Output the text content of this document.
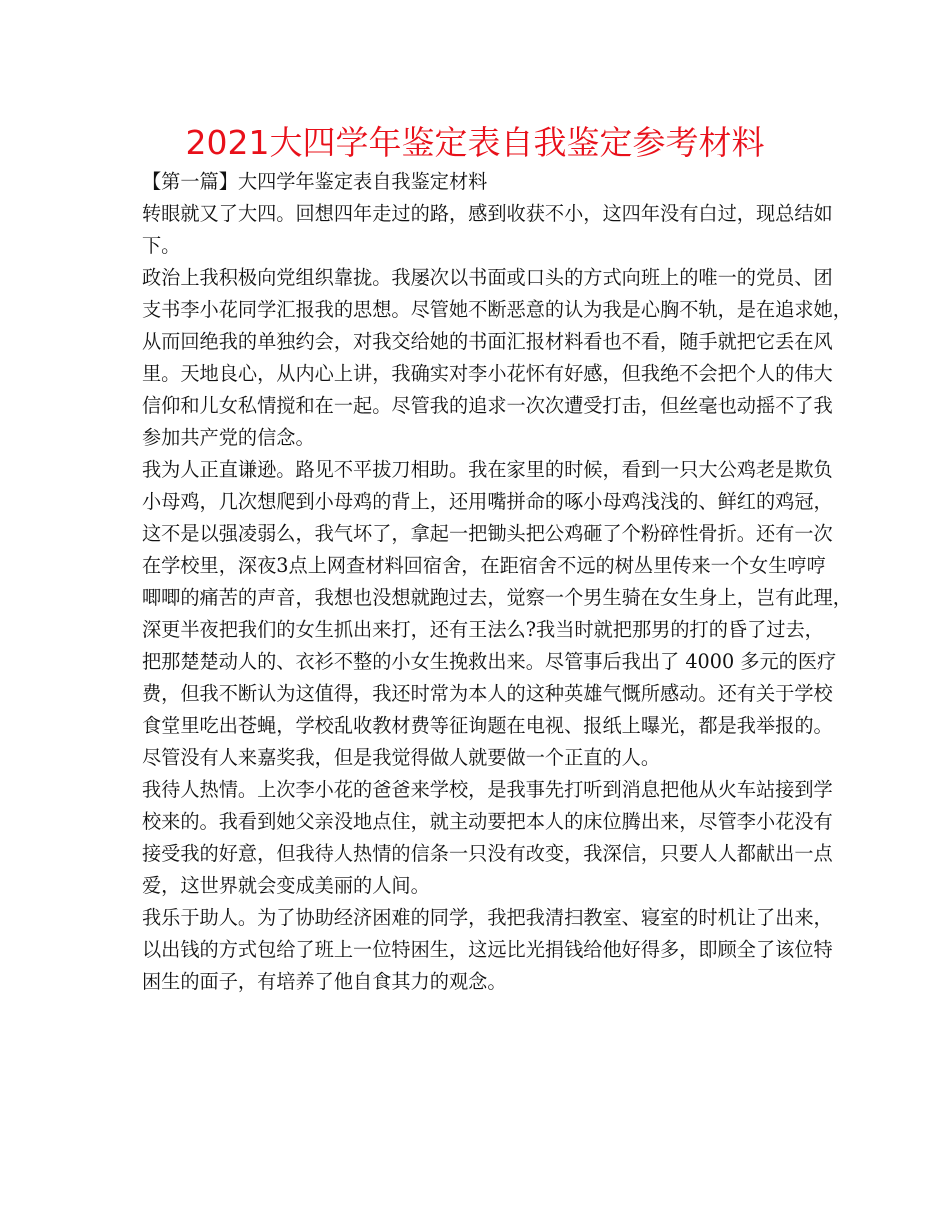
2021大四学年鉴定表自我鉴定参考材料
【第一篇】大四学年鉴定表自我鉴定材料
转眼就又了大四。回想四年走过的路，感到收获不小，这四年没有白过，现总结如
下。
政治上我积极向党组织靠拢。我屡次以书面或口头的方式向班上的唯一的党员、团
支书李小花同学汇报我的思想。尽管她不断恶意的认为我是心胸不轨，是在追求她，
从而回绝我的单独约会，对我交给她的书面汇报材料看也不看，随手就把它丢在风
里。天地良心，从内心上讲，我确实对李小花怀有好感，但我绝不会把个人的伟大
信仰和儿女私情搅和在一起。尽管我的追求一次次遭受打击，但丝毫也动摇不了我
参加共产党的信念。
我为人正直谦逊。路见不平拔刀相助。我在家里的时候，看到一只大公鸡老是欺负
小母鸡，几次想爬到小母鸡的背上，还用嘴拼命的啄小母鸡浅浅的、鲜红的鸡冠，
这不是以强凌弱么，我气坏了，拿起一把锄头把公鸡砸了个粉碎性骨折。还有一次
在学校里，深夜3点上网查材料回宿舍，在距宿舍不远的树丛里传来一个女生哼哼
唧唧的痛苦的声音，我想也没想就跑过去，觉察一个男生骑在女生身上，岂有此理，
深更半夜把我们的女生抓出来打，还有王法么?我当时就把那男的打的昏了过去，
把那楚楚动人的、衣衫不整的小女生挽救出来。尽管事后我出了 4000 多元的医疗
费，但我不断认为这值得，我还时常为本人的这种英雄气慨所感动。还有关于学校
食堂里吃出苍蝇，学校乱收教材费等征询题在电视、报纸上曝光，都是我举报的。
尽管没有人来嘉奖我，但是我觉得做人就要做一个正直的人。
我待人热情。上次李小花的爸爸来学校，是我事先打听到消息把他从火车站接到学
校来的。我看到她父亲没地点住，就主动要把本人的床位腾出来，尽管李小花没有
接受我的好意，但我待人热情的信条一只没有改变，我深信，只要人人都献出一点
爱，这世界就会变成美丽的人间。
我乐于助人。为了协助经济困难的同学，我把我清扫教室、寝室的时机让了出来，
以出钱的方式包给了班上一位特困生，这远比光捐钱给他好得多，即顾全了该位特
困生的面子，有培养了他自食其力的观念。
